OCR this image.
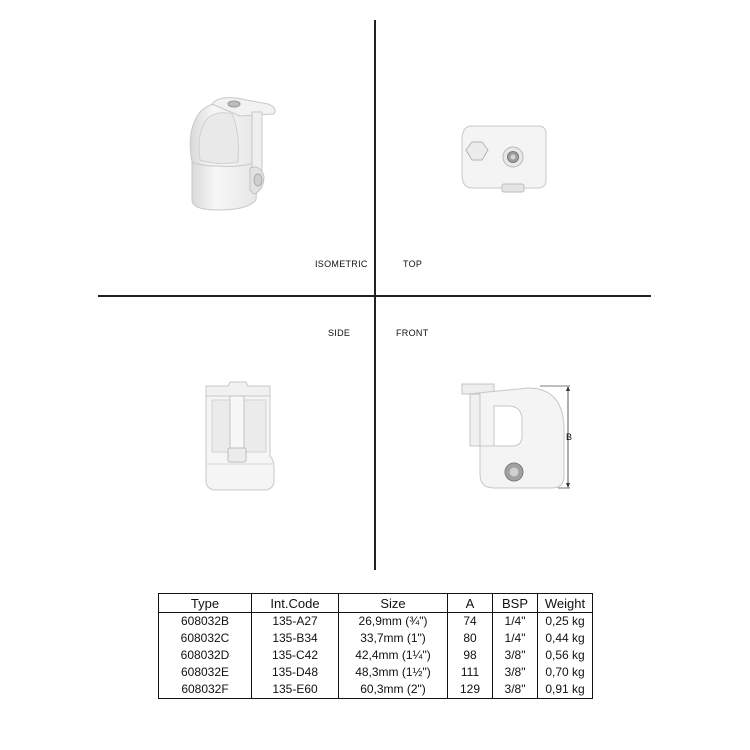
ISOMETRIC	TOP
SIDE	FRONT
B
Type	Int.Code	Size	A	BSP	Weight
608032B	135-A27	26,9mm (¾")	74	1/4"	0,25 kg
608032C	135-B34	33,7mm (1")	80	1/4"	0,44 kg
608032D	135-C42	42,4mm (1¼")	98	3/8"	0,56 kg
608032E	135-D48	48,3mm (1½")	111	3/8"	0,70 kg
608032F	135-E60	60,3mm (2")	129	3/8"	0,91 kg
